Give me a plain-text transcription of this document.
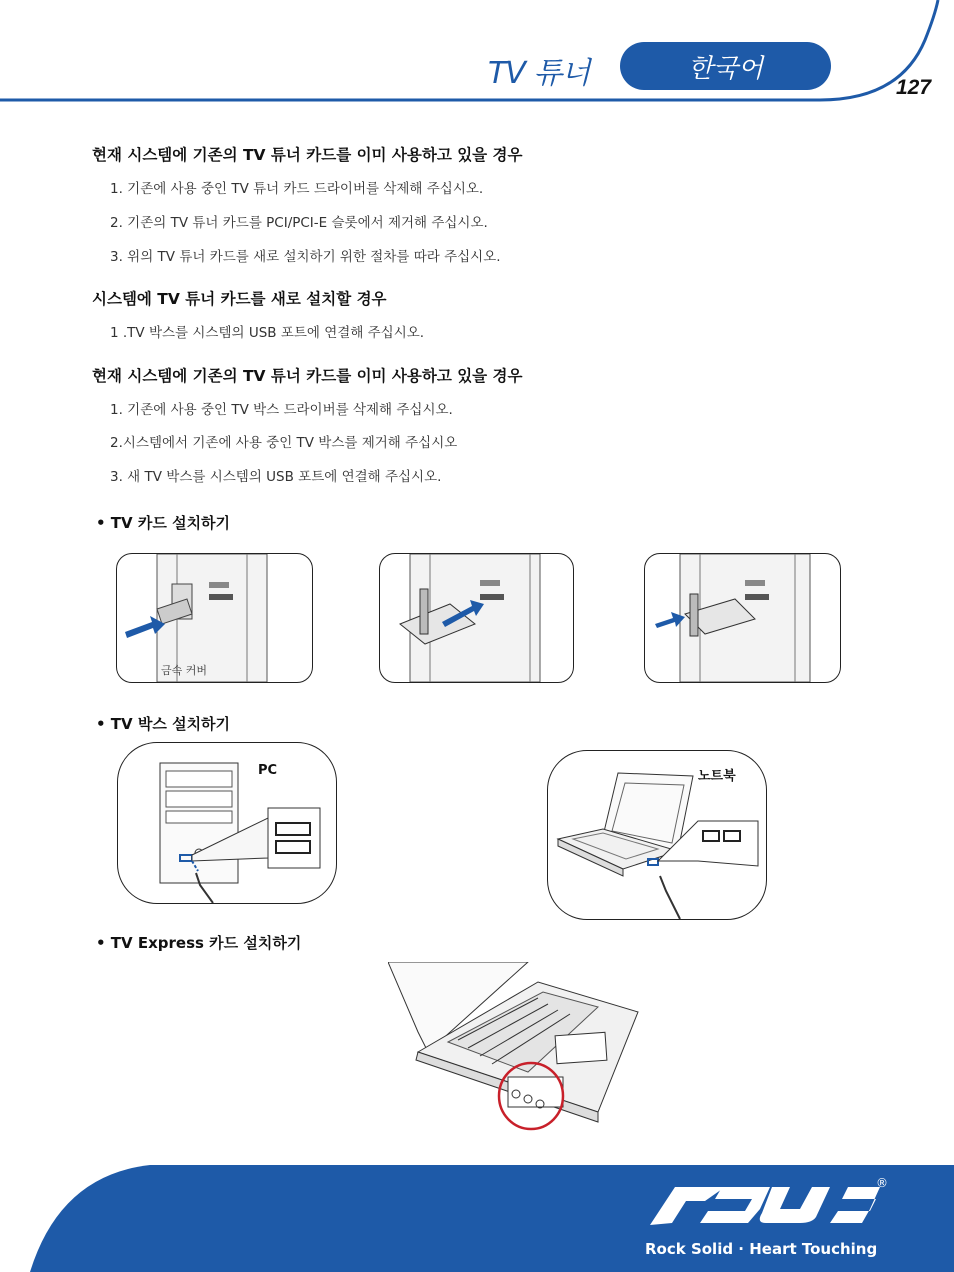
TV 튜너	한국어
127
현재 시스템에 기존의 TV 튜너 카드를 이미 사용하고 있을 경우
1. 기존에 사용 중인 TV 튜너 카드 드라이버를 삭제해 주십시오.
2. 기존의 TV 튜너 카드를 PCI/PCI-E 슬롯에서 제거해 주십시오.
3. 위의 TV 튜너 카드를 새로 설치하기 위한 절차를 따라 주십시오.
시스템에 TV 튜너 카드를 새로 설치할 경우
1 .TV 박스를 시스템의 USB 포트에 연결해 주십시오.
현재 시스템에 기존의 TV 튜너 카드를 이미 사용하고 있을 경우
1. 기존에 사용 중인 TV 박스 드라이버를 삭제해 주십시오.
2.시스템에서 기존에 사용 중인 TV 박스를 제거해 주십시오
3. 새 TV 박스를 시스템의 USB 포트에 연결해 주십시오.
• TV 카드 설치하기
금속 커버
• TV 박스 설치하기
PC	노트북
• TV Express 카드 설치하기
®
Rock Solid · Heart Touching
